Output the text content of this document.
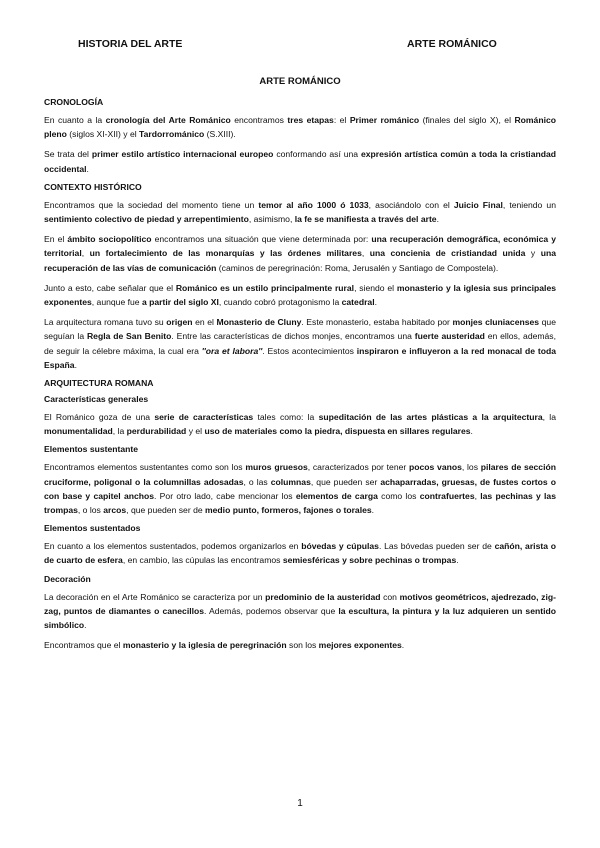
HISTORIA DEL ARTE	ARTE ROMÁNICO
ARTE ROMÁNICO
CRONOLOGÍA

En cuanto a la cronología del Arte Románico encontramos tres etapas: el Primer románico (finales del siglo X), el Románico pleno (siglos XI-XII) y el Tardorrománico (S.XIII).

Se trata del primer estilo artístico internacional europeo conformando así una expresión artística común a toda la cristiandad occidental.

CONTEXTO HISTÓRICO

Encontramos que la sociedad del momento tiene un temor al año 1000 ó 1033, asociándolo con el Juicio Final, teniendo un sentimiento colectivo de piedad y arrepentimiento, asimismo, la fe se manifiesta a través del arte.

En el ámbito sociopolítico encontramos una situación que viene determinada por: una recuperación demográfica, económica y territorial, un fortalecimiento de las monarquías y las órdenes militares, una concienia de cristiandad unida y una recuperación de las vías de comunicación (caminos de peregrinación: Roma, Jerusalén y Santiago de Compostela).

Junto a esto, cabe señalar que el Románico es un estilo principalmente rural, siendo el monasterio y la iglesia sus principales exponentes, aunque fue a partir del siglo XI, cuando cobró protagonismo la catedral.

La arquitectura romana tuvo su origen en el Monasterio de Cluny. Este monasterio, estaba habitado por monjes cluniacenses que seguían la Regla de San Benito. Entre las características de dichos monjes, encontramos una fuerte austeridad en ellos, además, de seguir la célebre máxima, la cual era ''ora et labora''. Estos acontecimientos inspiraron e influyeron a la red monacal de toda España.

ARQUITECTURA ROMANA
Características generales

El Románico goza de una serie de características tales como: la supeditación de las artes plásticas a la arquitectura, la monumentalidad, la perdurabilidad y el uso de materiales como la piedra, dispuesta en sillares regulares.

Elementos sustentante

Encontramos elementos sustentantes como son los muros gruesos, caracterizados por tener pocos vanos, los pilares de sección cruciforme, poligonal o la columnillas adosadas, o las columnas, que pueden ser achaparradas, gruesas, de fustes cortos o con base y capitel anchos. Por otro lado, cabe mencionar los elementos de carga como los contrafuertes, las pechinas y las trompas, o los arcos, que pueden ser de medio punto, formeros, fajones o torales.

Elementos sustentados

En cuanto a los elementos sustentados, podemos organizarlos en bóvedas y cúpulas. Las bóvedas pueden ser de cañón, arista o de cuarto de esfera, en cambio, las cúpulas las encontramos semiesféricas y sobre pechinas o trompas.

Decoración

La decoración en el Arte Románico se caracteriza por un predominio de la austeridad con motivos geométricos, ajedrezado, zig-zag, puntos de diamantes o canecillos. Además, podemos observar que la escultura, la pintura y la luz adquieren un sentido simbólico.

Encontramos que el monasterio y la iglesia de peregrinación son los mejores exponentes.

1
